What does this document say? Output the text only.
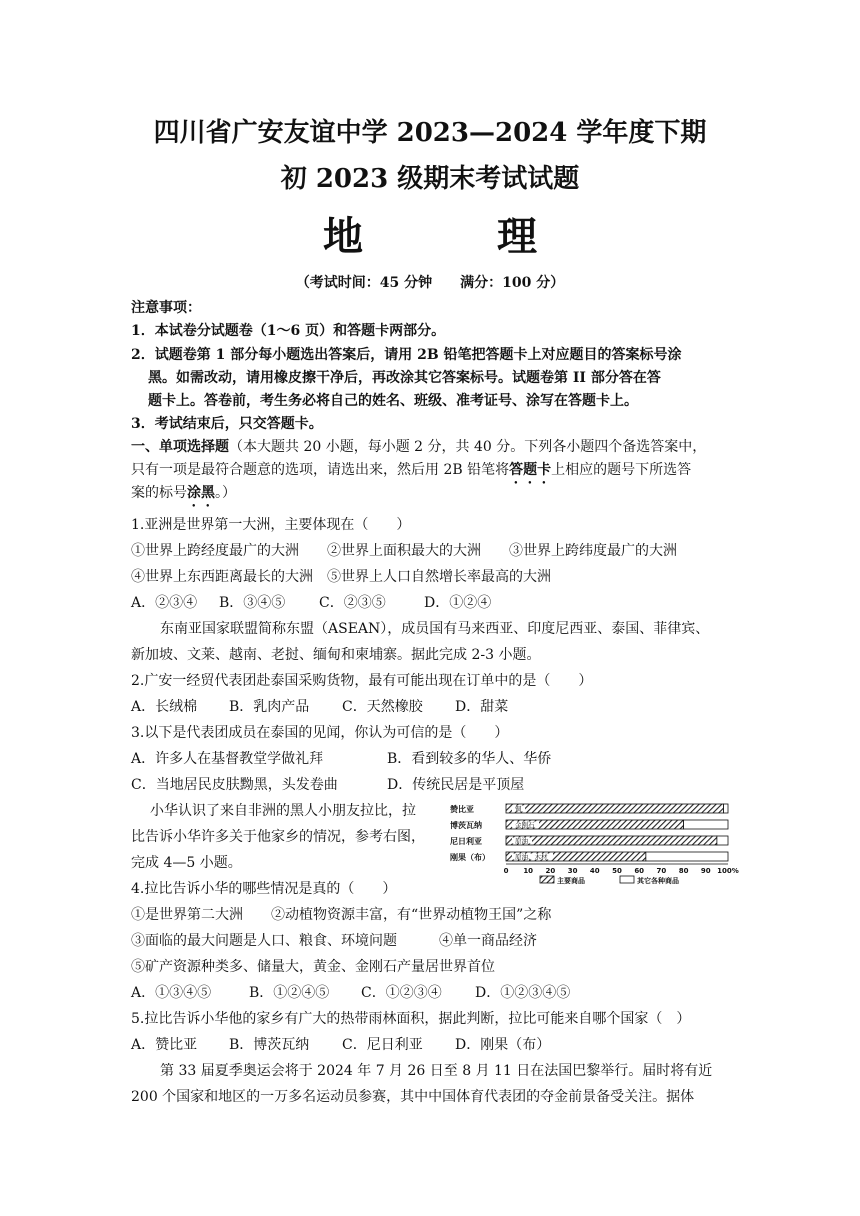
四川省广安友谊中学 2023—2024 学年度下期
初 2023 级期末考试试题
地 理
（考试时间：45 分钟　　满分：100 分）
注意事项：
1．本试卷分试题卷（1～6 页）和答题卡两部分。
2．试题卷第 1 部分每小题选出答案后，请用 2B 铅笔把答题卡上对应题目的答案标号涂
黑。如需改动，请用橡皮擦干净后，再改涂其它答案标号。试题卷第 II 部分答在答
题卡上。答卷前，考生务必将自己的姓名、班级、准考证号、涂写在答题卡上。
3．考试结束后，只交答题卡。
一、单项选择题（本大题共 20 小题，每小题 2 分，共 40 分。下列各小题四个备选答案中，
只有一项是最符合题意的选项，请选出来，然后用 2B 铅笔将答题卡上相应的题号下所选答
案的标号涂黑。）
1.亚洲是世界第一大洲，主要体现在（　　）
①世界上跨经度最广的大洲　　②世界上面积最大的大洲　　③世界上跨纬度最广的大洲
④世界上东西距离最长的大洲　⑤世界上人口自然增长率最高的大洲
A．②③④ B．③④⑤ C．②③⑤	D．①②④
东南亚国家联盟简称东盟（ASEAN），成员国有马来西亚、印度尼西亚、泰国、菲律宾、
新加坡、文莱、越南、老挝、缅甸和柬埔寨。据此完成 2-3 小题。
2.广安一经贸代表团赴泰国采购货物，最有可能出现在订单中的是（　　）
A．长绒棉 B．乳肉产品 C．天然橡胶 D．甜菜
3.以下是代表团成员在泰国的见闻，你认为可信的是（　　）
A．许多人在基督教堂学做礼拜	B．看到较多的华人、华侨
C．当地居民皮肤黝黑，头发卷曲	D．传统民居是平顶屋
小华认识了来自非洲的黑人小朋友拉比，拉
比告诉小华许多关于他家乡的情况，参考右图，
完成 4—5 小题。
赞比亚	铜
博茨瓦纳	金刚石
尼日利亚	原油
刚果（布）	原油、木材
0 10 20 30 40 50 60 70 80 90 100%
主要商品	其它各种商品
4.拉比告诉小华的哪些情况是真的（　　）
①是世界第二大洲　　②动植物资源丰富，有“世界动植物王国”之称
③面临的最大问题是人口、粮食、环境问题　　　④单一商品经济
⑤矿产资源种类多、储量大，黄金、金刚石产量居世界首位
A．①③④⑤	B．①②④⑤ C．①②③④ D．①②③④⑤
5.拉比告诉小华他的家乡有广大的热带雨林面积，据此判断，拉比可能来自哪个国家（　）
A．赞比亚 B．博茨瓦纳 C．尼日利亚 D．刚果（布）
第 33 届夏季奥运会将于 2024 年 7 月 26 日至 8 月 11 日在法国巴黎举行。届时将有近
200 个国家和地区的一万多名运动员参赛，其中中国体育代表团的夺金前景备受关注。据体
